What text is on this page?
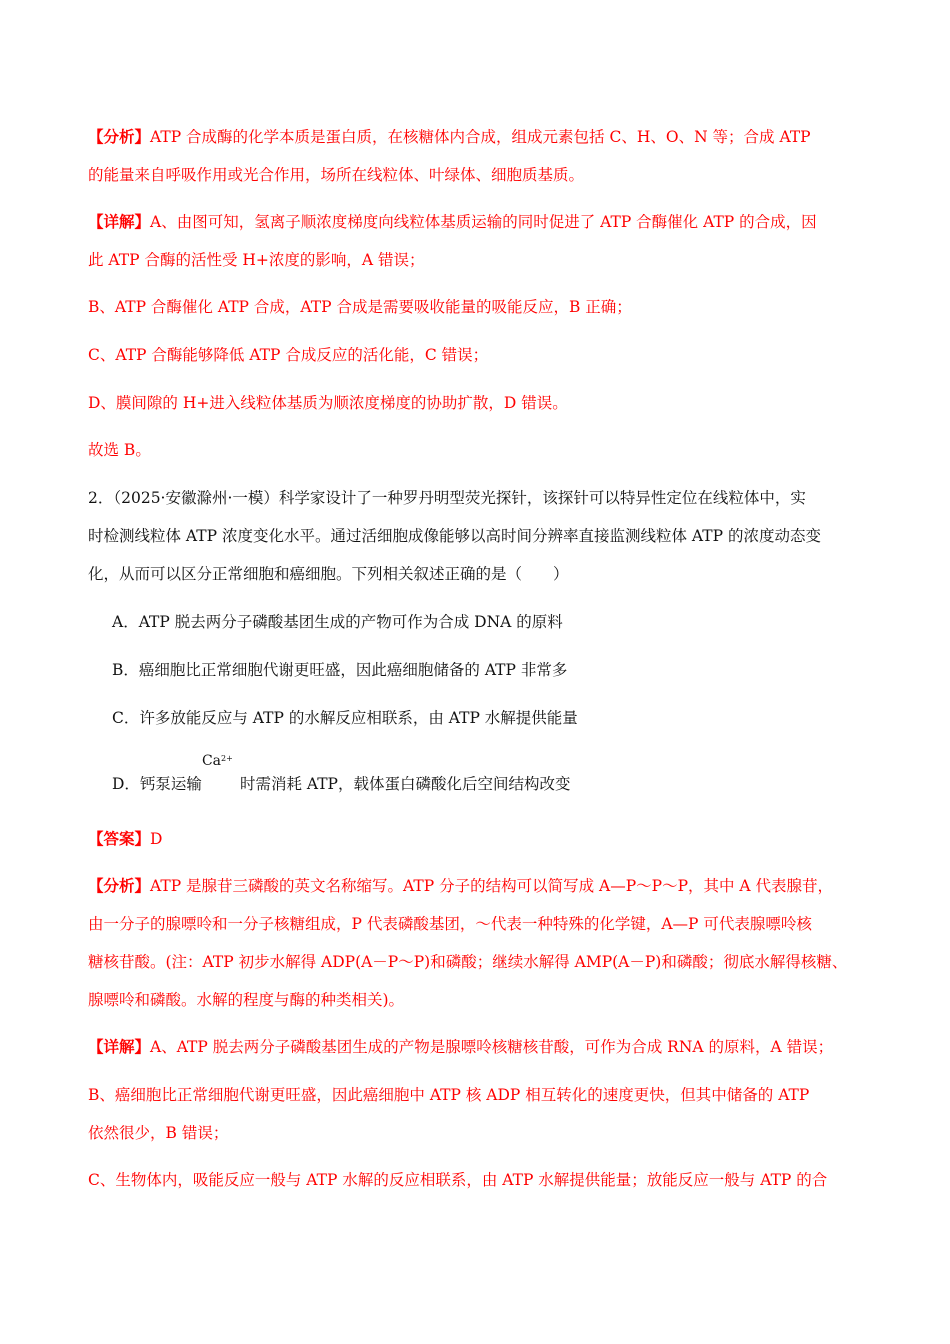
【分析】ATP 合成酶的化学本质是蛋白质，在核糖体内合成，组成元素包括 C、H、O、N 等；合成 ATP
的能量来自呼吸作用或光合作用，场所在线粒体、叶绿体、细胞质基质。
【详解】A、由图可知，氢离子顺浓度梯度向线粒体基质运输的同时促进了 ATP 合酶催化 ATP 的合成，因
此 ATP 合酶的活性受 H+浓度的影响，A 错误；
B、ATP 合酶催化 ATP 合成，ATP 合成是需要吸收能量的吸能反应，B 正确；
C、ATP 合酶能够降低 ATP 合成反应的活化能，C 错误；
D、膜间隙的 H+进入线粒体基质为顺浓度梯度的协助扩散，D 错误。
故选 B。
2．（2025·安徽滁州·一模）科学家设计了一种罗丹明型荧光探针，该探针可以特异性定位在线粒体中，实
时检测线粒体 ATP 浓度变化水平。通过活细胞成像能够以高时间分辨率直接监测线粒体 ATP 的浓度动态变
化，从而可以区分正常细胞和癌细胞。下列相关叙述正确的是（　　）
A．ATP 脱去两分子磷酸基团生成的产物可作为合成 DNA 的原料
B．癌细胞比正常细胞代谢更旺盛，因此癌细胞储备的 ATP 非常多
C．许多放能反应与 ATP 的水解反应相联系，由 ATP 水解提供能量
D．钙泵运输
$Ca^{2+}$
时需消耗 ATP，载体蛋白磷酸化后空间结构改变
【答案】D
【分析】ATP 是腺苷三磷酸的英文名称缩写。ATP 分子的结构可以简写成 A—P～P～P，其中 A 代表腺苷，
由一分子的腺嘌呤和一分子核糖组成，P 代表磷酸基团，～代表一种特殊的化学键，A—P 可代表腺嘌呤核
糖核苷酸。(注：ATP 初步水解得 ADP(A－P～P)和磷酸；继续水解得 AMP(A－P)和磷酸；彻底水解得核糖、
腺嘌呤和磷酸。水解的程度与酶的种类相关)。
【详解】A、ATP 脱去两分子磷酸基团生成的产物是腺嘌呤核糖核苷酸，可作为合成 RNA 的原料，A 错误；
B、癌细胞比正常细胞代谢更旺盛，因此癌细胞中 ATP 核 ADP 相互转化的速度更快，但其中储备的 ATP
依然很少，B 错误；
C、生物体内，吸能反应一般与 ATP 水解的反应相联系，由 ATP 水解提供能量；放能反应一般与 ATP 的合
